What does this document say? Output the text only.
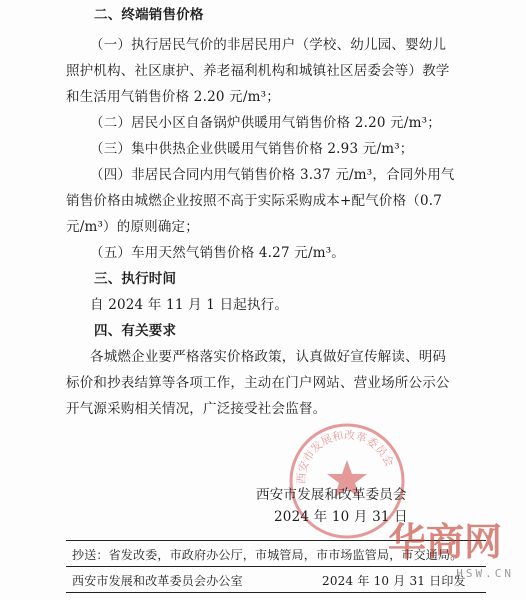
二、终端销售价格
（一）执行居民气价的非居民用户（学校、幼儿园、婴幼儿
照护机构、社区康护、养老福利机构和城镇社区居委会等）教学
和生活用气销售价格 2.20 元/m³；
（二）居民小区自备锅炉供暖用气销售价格 2.20 元/m³；
（三）集中供热企业供暖用气销售价格 2.93 元/m³；
（四）非居民合同内用气销售价格 3.37 元/m³，合同外用气
销售价格由城燃企业按照不高于实际采购成本+配气价格（0.7
元/m³）的原则确定；
（五）车用天然气销售价格 4.27 元/m³。
三、执行时间
自 2024 年 11 月 1 日起执行。
四、有关要求
各城燃企业要严格落实价格政策，认真做好宣传解读、明码
标价和抄表结算等各项工作，主动在门户网站、营业场所公示公
开气源采购相关情况，广泛接受社会监督。
西安市发展和改革委员会
西安市发展和改革委员会
2024 年 10 月 31 日
抄送：省发改委，市政府办公厅，市城管局，市市场监管局，市交通局。
西安市发展和改革委员会办公室	2024 年 10 月 31 日印发
华商网
HSW.CN
